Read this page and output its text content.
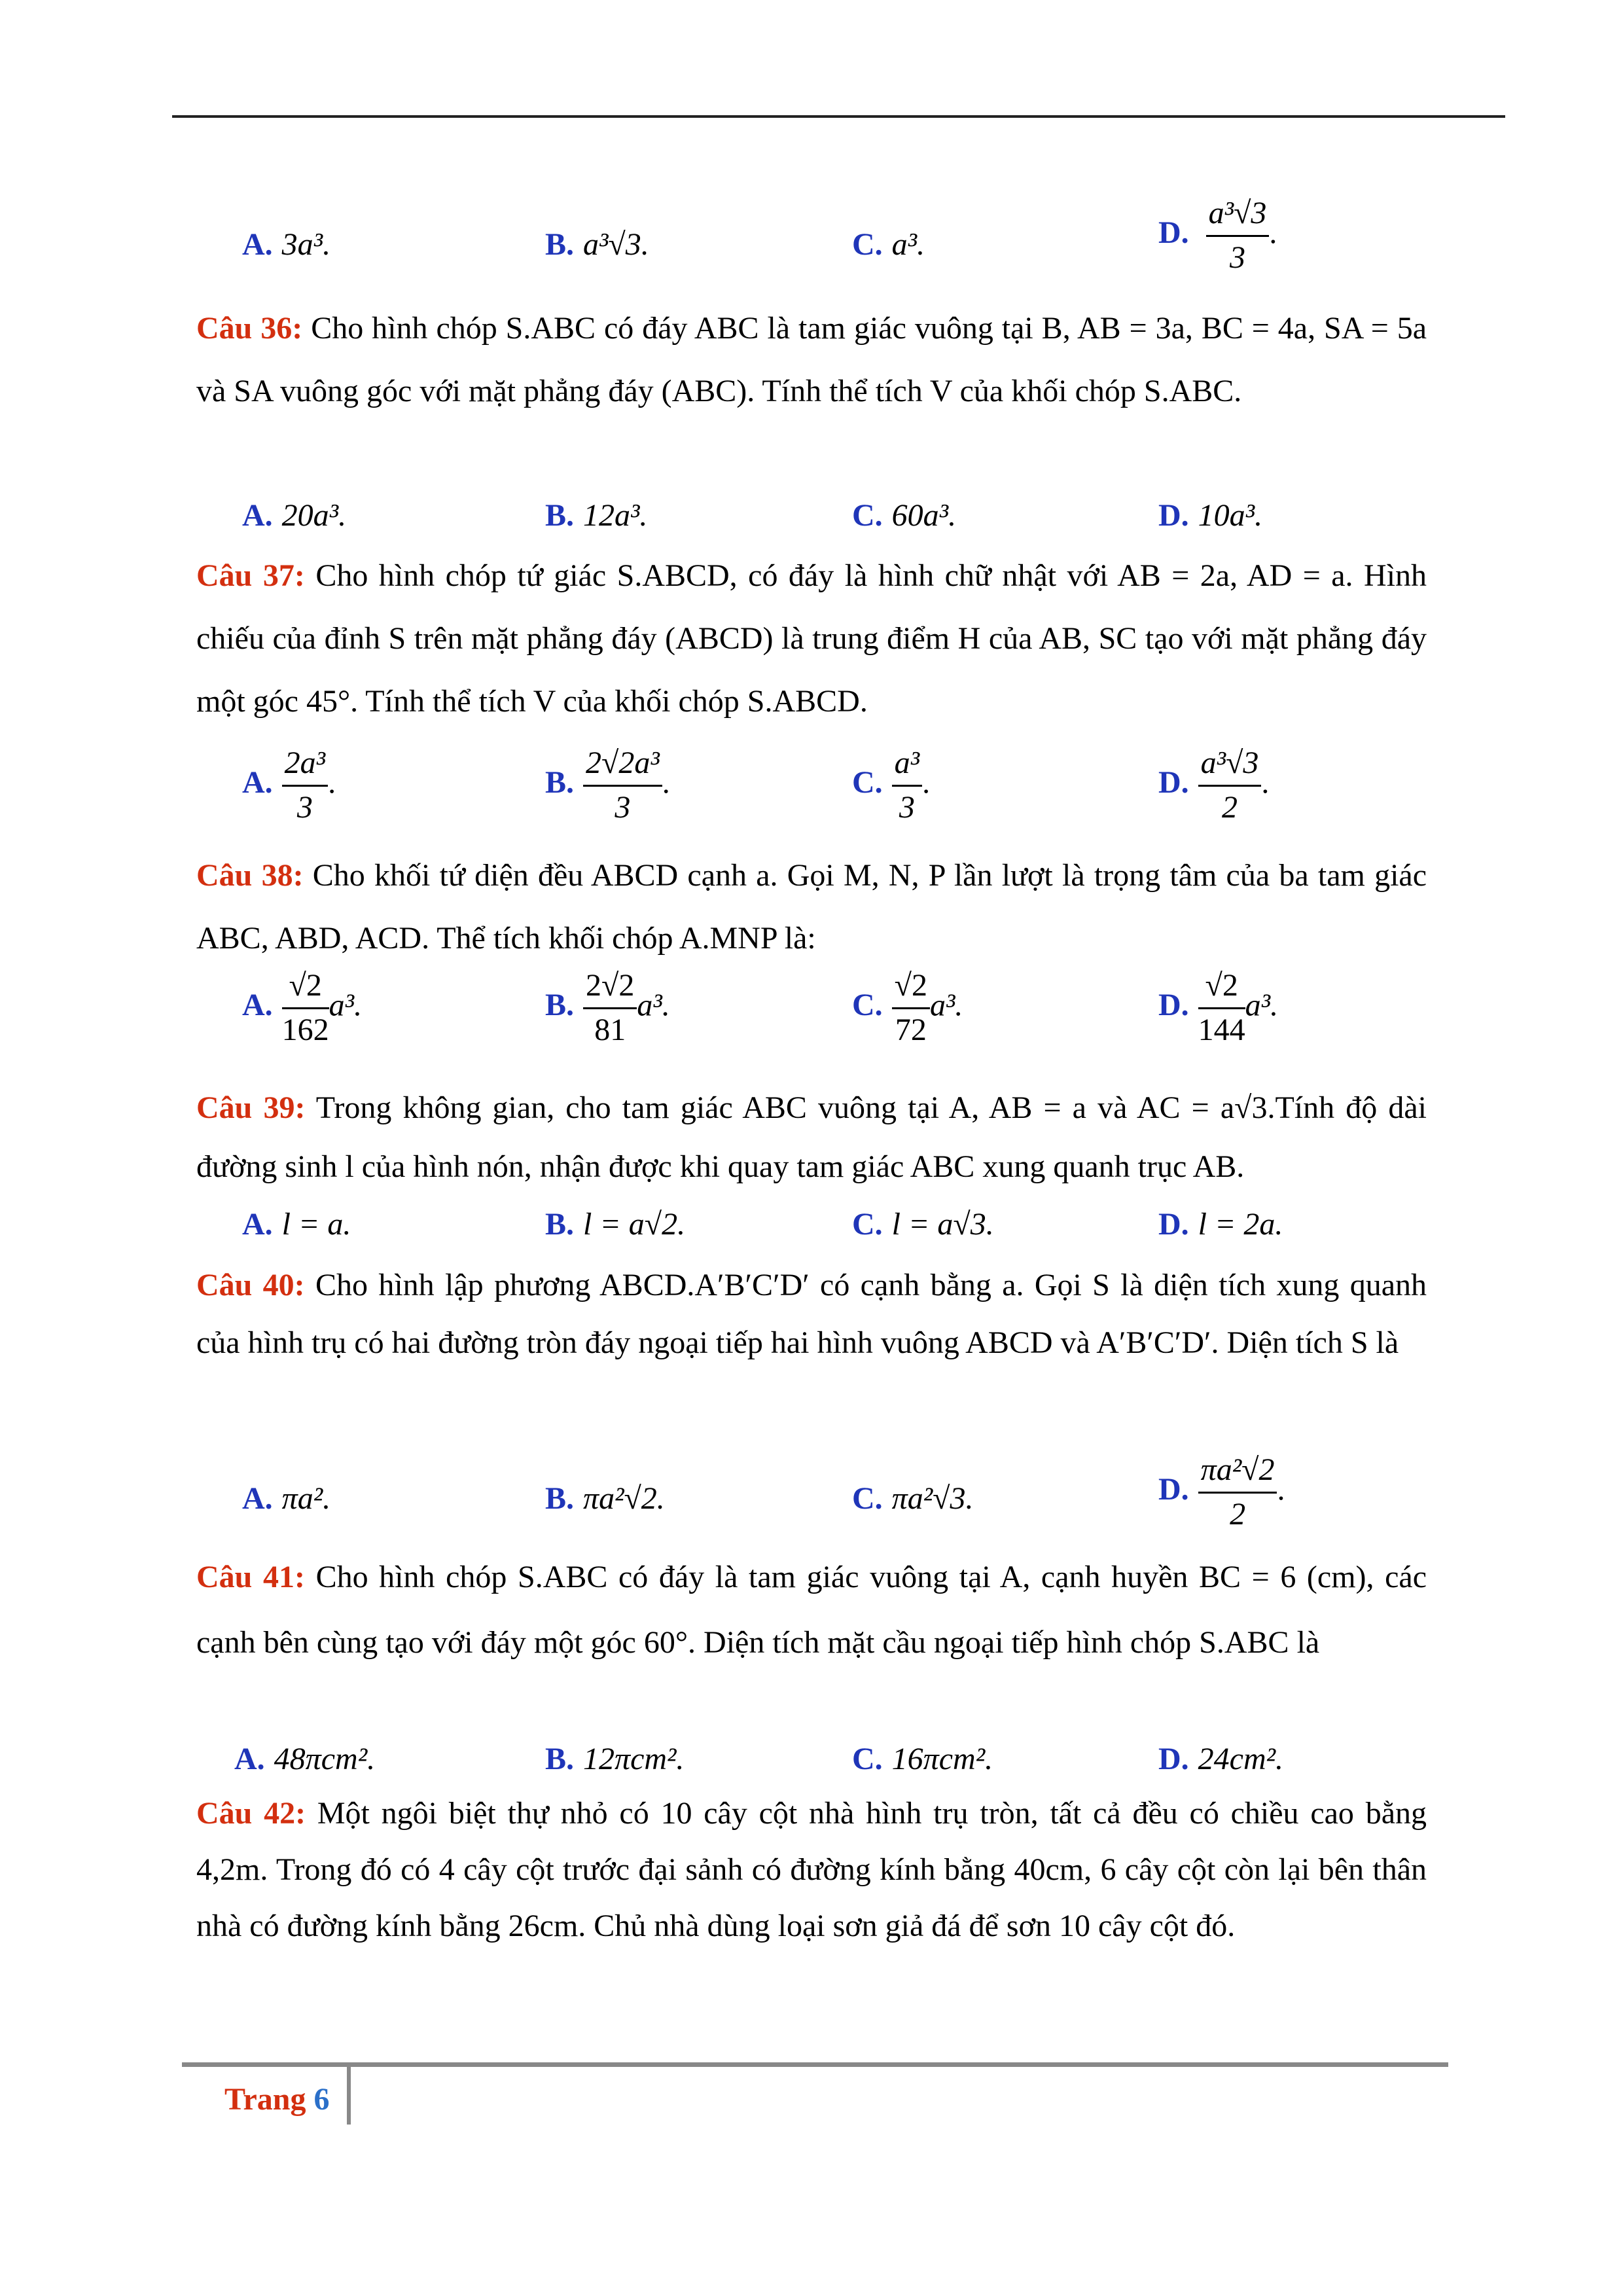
A. 3a³.	B. a³√3.	C. a³.	D. $\frac{\text{a³√3}}{3}$ .
Câu 36: Cho hình chóp S.ABC có đáy ABC là tam giác vuông tại B, AB = 3a, BC = 4a, SA = 5a và SA vuông góc với mặt phẳng đáy (ABC). Tính thể tích V của khối chóp S.ABC.
A. 20a³.	B. 12a³.	C. 60a³.	D. 10a³.
Câu 37: Cho hình chóp tứ giác S.ABCD, có đáy là hình chữ nhật với AB = 2a, AD = a. Hình chiếu của đỉnh S trên mặt phẳng đáy (ABCD) là trung điểm H của AB, SC tạo với mặt phẳng đáy một góc 45°. Tính thể tích V của khối chóp S.ABCD.
A. $\frac{\text{2a³}}{3}$ .	B. $\frac{\text{2√2a³}}{3}$ .	C. $\frac{\text{a³}}{3}$ .	D. $\frac{\text{a³√3}}{2}$ .
Câu 38: Cho khối tứ diện đều ABCD cạnh a. Gọi M, N, P lần lượt là trọng tâm của ba tam giác ABC, ABD, ACD. Thể tích khối chóp A.MNP là:
A. $\frac{√2}{162} a^3$.	B. $\frac{2√2}{81} a^3$.	C. $\frac{√2}{72} a^3$.	D. $\frac{√2}{144} a^3$.
Câu 39: Trong không gian, cho tam giác ABC vuông tại A, AB = a và AC = a√3.Tính độ dài đường sinh l của hình nón, nhận được khi quay tam giác ABC xung quanh trục AB.
A. l = a.	B. l = a√2.	C. l = a√3.	D. l = 2a.
Câu 40: Cho hình lập phương ABCD.A′B′C′D′ có cạnh bằng a. Gọi S là diện tích xung quanh của hình trụ có hai đường tròn đáy ngoại tiếp hai hình vuông ABCD và A′B′C′D′. Diện tích S là
A. πa².	B. πa²√2.	C. πa²√3.	D. $\frac{\text{πa²√2}}{2}$ .
Câu 41: Cho hình chóp S.ABC có đáy là tam giác vuông tại A, cạnh huyền BC = 6 (cm), các cạnh bên cùng tạo với đáy một góc 60°. Diện tích mặt cầu ngoại tiếp hình chóp S.ABC là
A. 48πcm².	B. 12πcm².	C. 16πcm².	D. 24cm².
Câu 42: Một ngôi biệt thự nhỏ có 10 cây cột nhà hình trụ tròn, tất cả đều có chiều cao bằng 4,2m. Trong đó có 4 cây cột trước đại sảnh có đường kính bằng 40cm, 6 cây cột còn lại bên thân nhà có đường kính bằng 26cm. Chủ nhà dùng loại sơn giả đá để sơn 10 cây cột đó.
Trang 6
